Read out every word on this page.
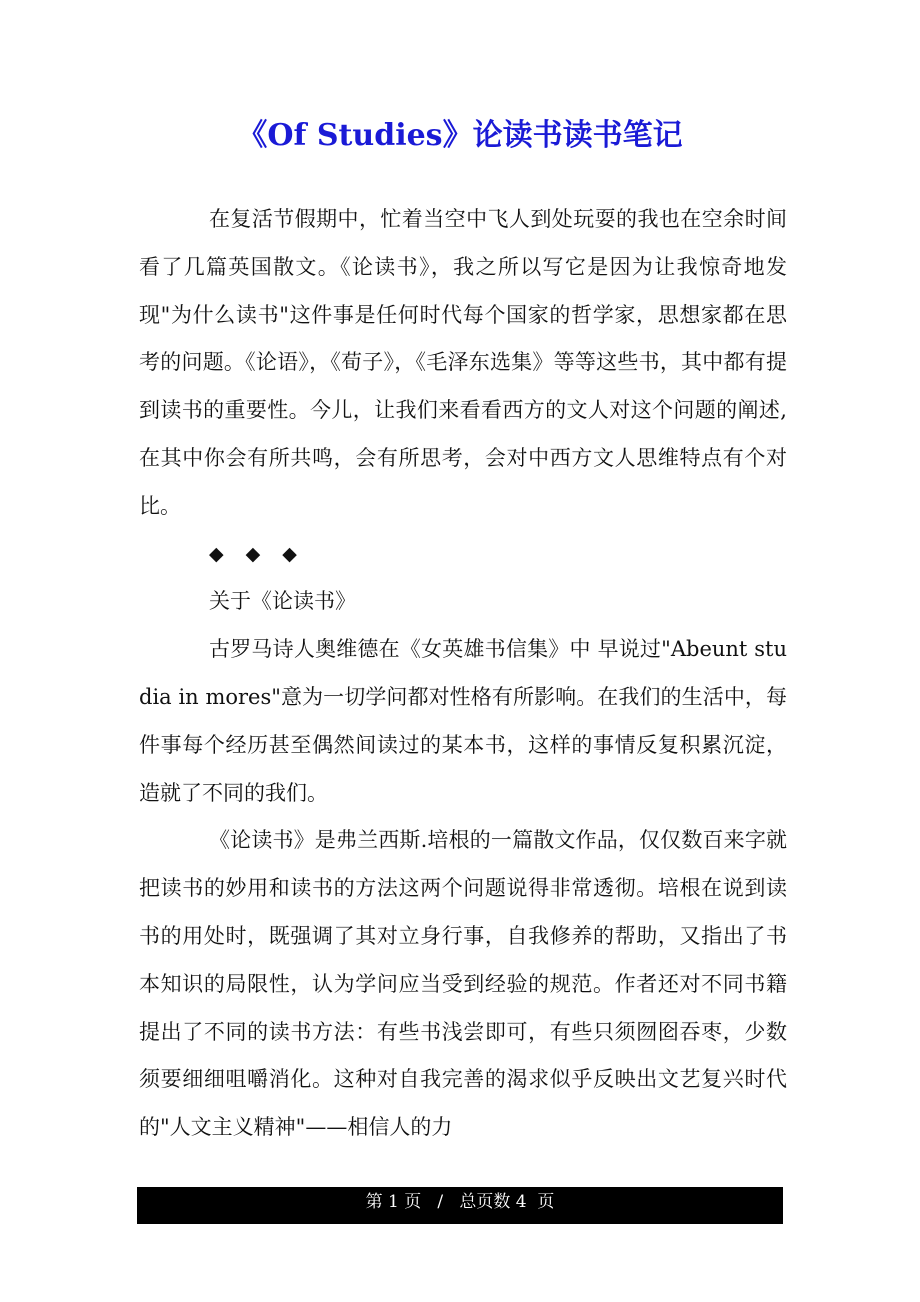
《Of Studies》论读书读书笔记

在复活节假期中，忙着当空中飞人到处玩耍的我也在空余时间看了几篇英国散文。《论读书》，我之所以写它是因为让我惊奇地发现"为什么读书"这件事是任何时代每个国家的哲学家，思想家都在思考的问题。《论语》，《荀子》，《毛泽东选集》等等这些书，其中都有提到读书的重要性。今儿，让我们来看看西方的文人对这个问题的阐述, 在其中你会有所共鸣，会有所思考，会对中西方文人思维特点有个对比。

◆ ◆ ◆

关于《论读书》

古罗马诗人奥维德在《女英雄书信集》中 早说过"Abeunt studia in mores"意为一切学问都对性格有所影响。在我们的生活中，每件事每个经历甚至偶然间读过的某本书，这样的事情反复积累沉淀，造就了不同的我们。

《论读书》是弗兰西斯.培根的一篇散文作品，仅仅数百来字就把读书的妙用和读书的方法这两个问题说得非常透彻。培根在说到读书的用处时，既强调了其对立身行事，自我修养的帮助，又指出了书本知识的局限性，认为学问应当受到经验的规范。作者还对不同书籍提出了不同的读书方法：有些书浅尝即可，有些只须囫囵吞枣，少数须要细细咀嚼消化。这种对自我完善的渴求似乎反映出文艺复兴时代的"人文主义精神"——相信人的力

第 1 页   /   总页数 4  页
